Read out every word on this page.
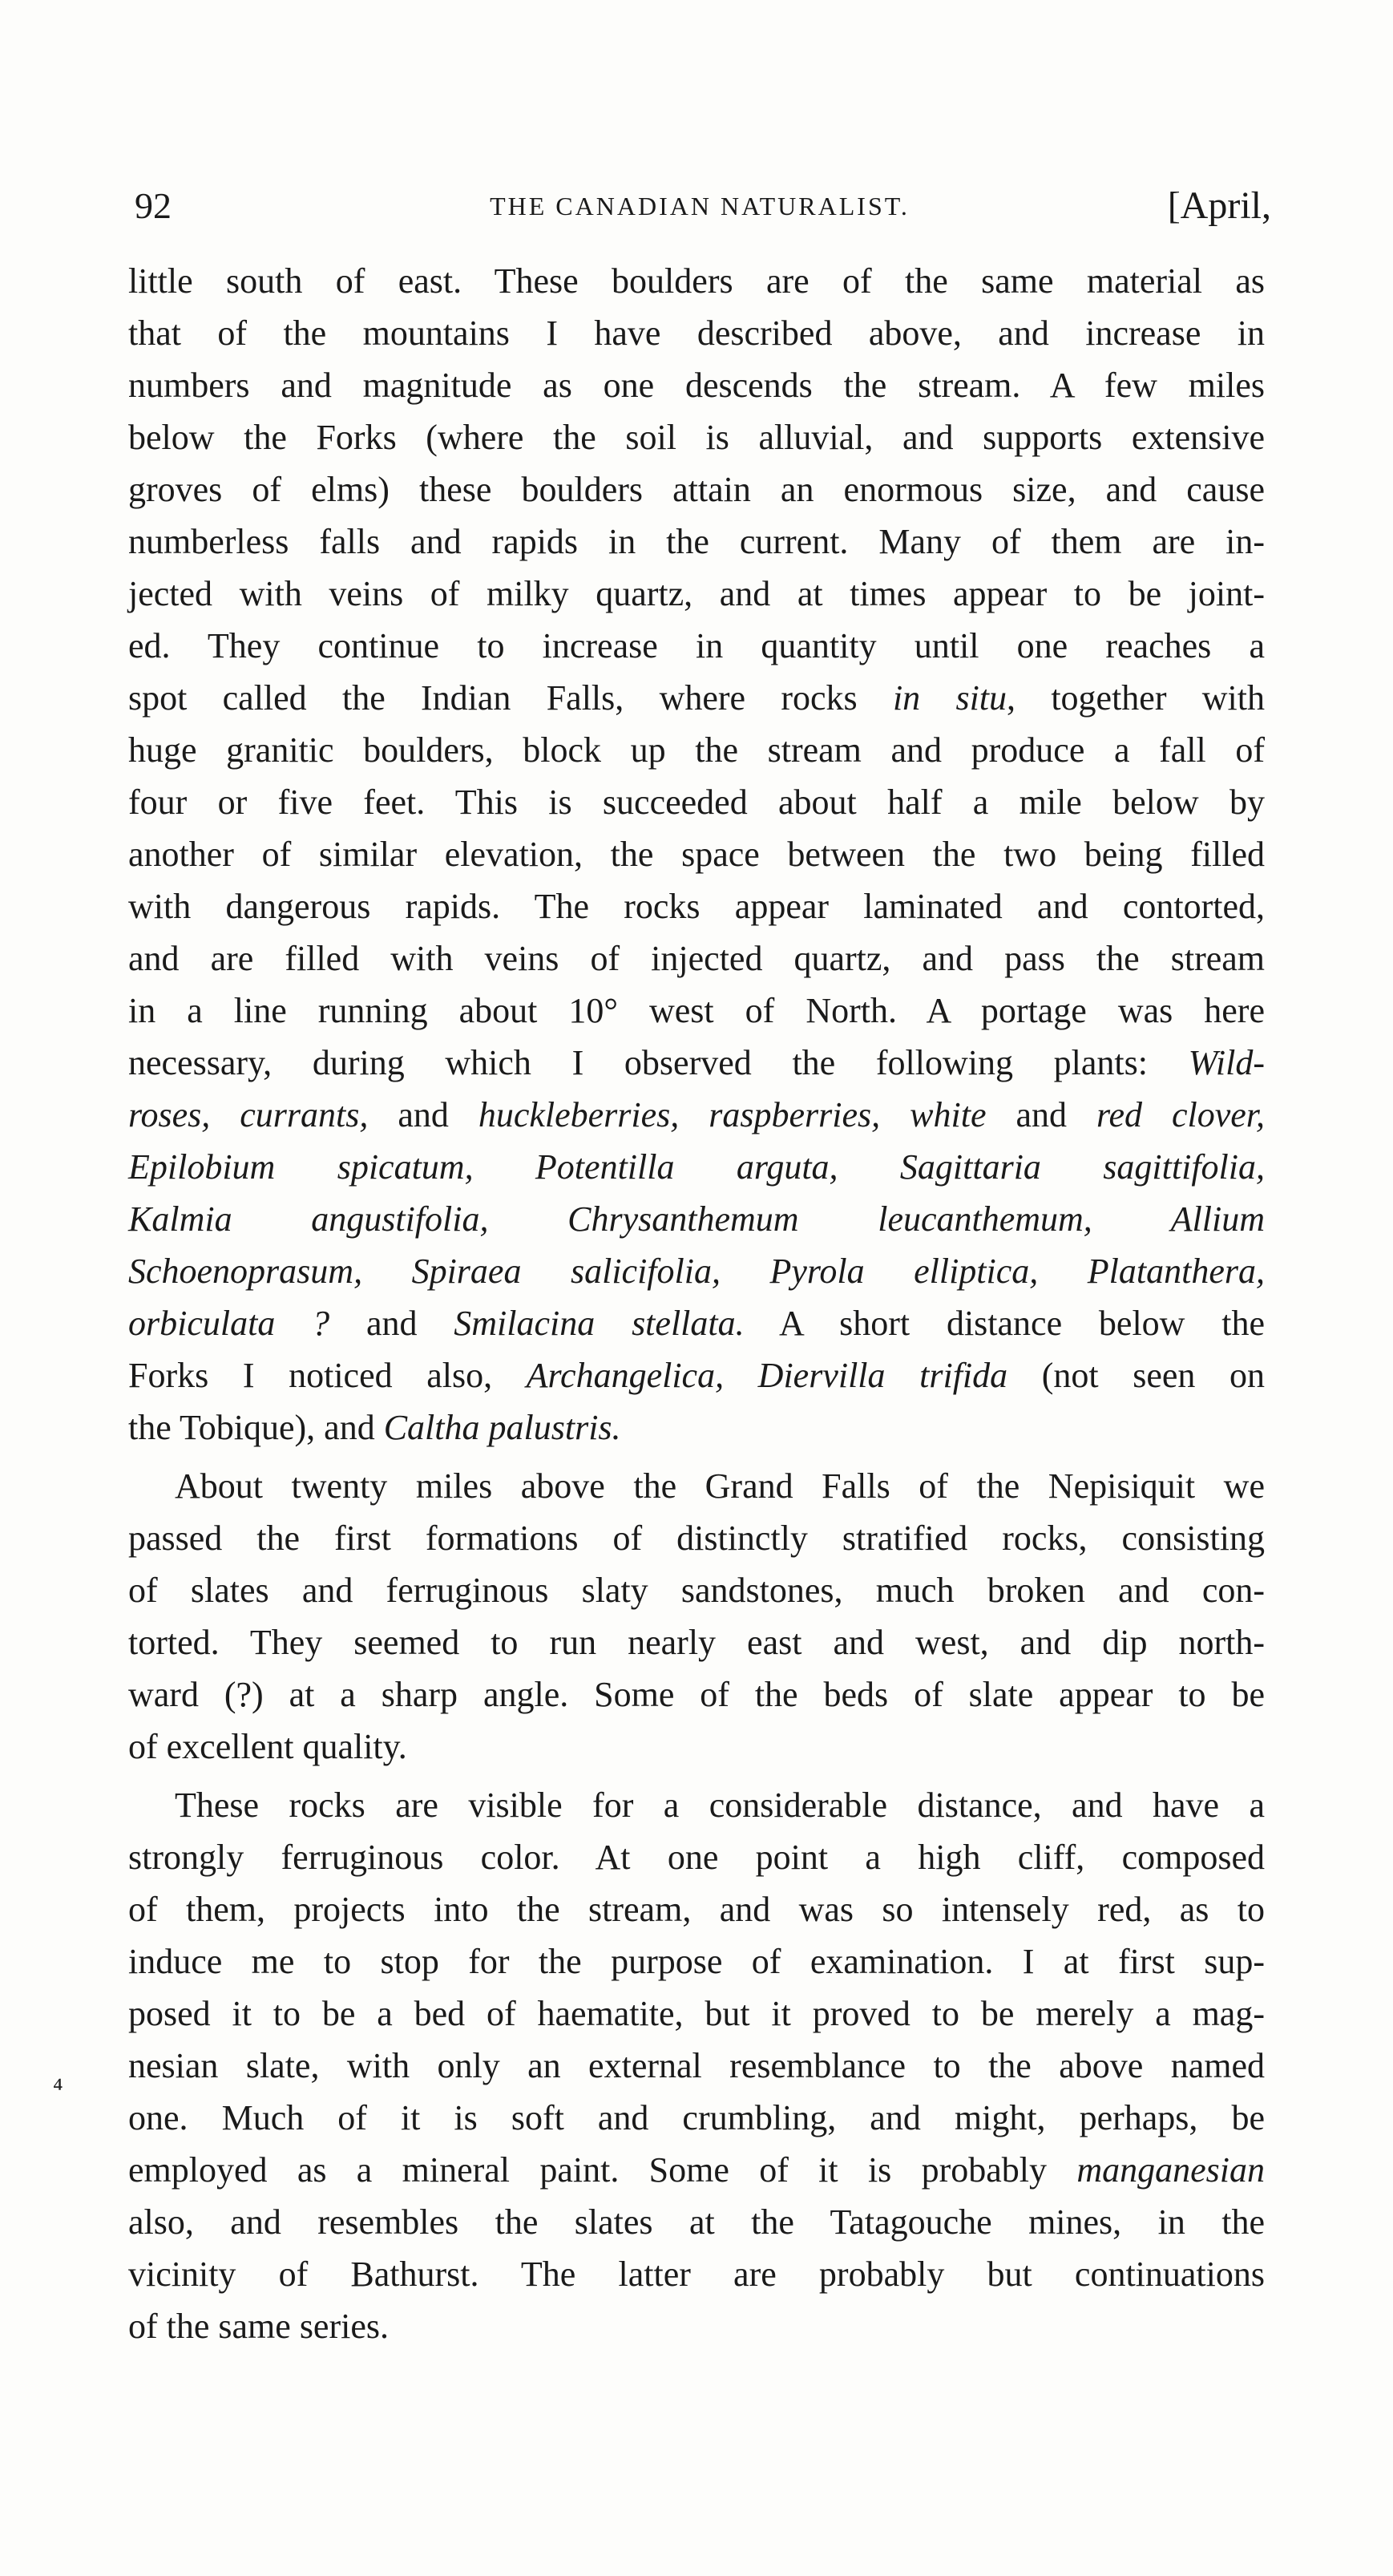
92	THE CANADIAN NATURALIST.	[April,
little south of east. These boulders are of the same material as
that of the mountains I have described above, and increase in
numbers and magnitude as one descends the stream. A few miles
below the Forks (where the soil is alluvial, and supports extensive
groves of elms) these boulders attain an enormous size, and cause
numberless falls and rapids in the current. Many of them are in-
jected with veins of milky quartz, and at times appear to be joint-
ed. They continue to increase in quantity until one reaches a
spot called the Indian Falls, where rocks in situ, together with
huge granitic boulders, block up the stream and produce a fall of
four or five feet. This is succeeded about half a mile below by
another of similar elevation, the space between the two being filled
with dangerous rapids. The rocks appear laminated and contorted,
and are filled with veins of injected quartz, and pass the stream
in a line running about 10° west of North. A portage was here
necessary, during which I observed the following plants: Wild-
roses, currants, and huckleberries, raspberries, white and red clover,
Epilobium spicatum, Potentilla arguta, Sagittaria sagittifolia,
Kalmia angustifolia, Chrysanthemum leucanthemum, Allium
Schoenoprasum, Spiraea salicifolia, Pyrola elliptica, Platanthera,
orbiculata ? and Smilacina stellata. A short distance below the
Forks I noticed also, Archangelica, Diervilla trifida (not seen on
the Tobique), and Caltha palustris.
About twenty miles above the Grand Falls of the Nepisiquit we
passed the first formations of distinctly stratified rocks, consisting
of slates and ferruginous slaty sandstones, much broken and con-
torted. They seemed to run nearly east and west, and dip north-
ward (?) at a sharp angle. Some of the beds of slate appear to be
of excellent quality.
These rocks are visible for a considerable distance, and have a
strongly ferruginous color. At one point a high cliff, composed
of them, projects into the stream, and was so intensely red, as to
induce me to stop for the purpose of examination. I at first sup-
posed it to be a bed of haematite, but it proved to be merely a mag-
nesian slate, with only an external resemblance to the above named
one. Much of it is soft and crumbling, and might, perhaps, be
employed as a mineral paint. Some of it is probably manganesian
also, and resembles the slates at the Tatagouche mines, in the
vicinity of Bathurst. The latter are probably but continuations
of the same series.
⁴
